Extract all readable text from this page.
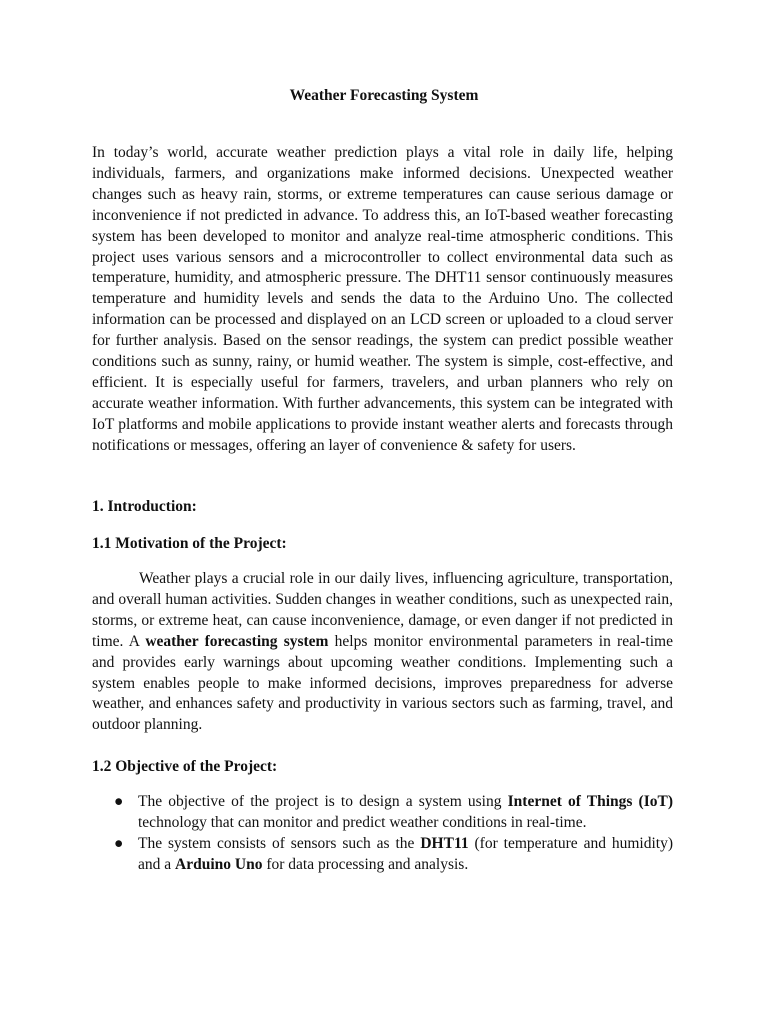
Weather Forecasting System

In today’s world, accurate weather prediction plays a vital role in daily life, helping individuals, farmers, and organizations make informed decisions. Unexpected weather changes such as heavy rain, storms, or extreme temperatures can cause serious damage or inconvenience if not predicted in advance. To address this, an IoT-based weather forecasting system has been developed to monitor and analyze real-time atmospheric conditions. This project uses various sensors and a microcontroller to collect environmental data such as temperature, humidity, and atmospheric pressure. The DHT11 sensor continuously measures temperature and humidity levels and sends the data to the Arduino Uno. The collected information can be processed and displayed on an LCD screen or uploaded to a cloud server for further analysis. Based on the sensor readings, the system can predict possible weather conditions such as sunny, rainy, or humid weather. The system is simple, cost-effective, and efficient. It is especially useful for farmers, travelers, and urban planners who rely on accurate weather information. With further advancements, this system can be integrated with IoT platforms and mobile applications to provide instant weather alerts and forecasts through notifications or messages, offering an layer of convenience & safety for users.

1. Introduction:

1.1 Motivation of the Project:

Weather plays a crucial role in our daily lives, influencing agriculture, transportation, and overall human activities. Sudden changes in weather conditions, such as unexpected rain, storms, or extreme heat, can cause inconvenience, damage, or even danger if not predicted in time. A weather forecasting system helps monitor environmental parameters in real-time and provides early warnings about upcoming weather conditions. Implementing such a system enables people to make informed decisions, improves preparedness for adverse weather, and enhances safety and productivity in various sectors such as farming, travel, and outdoor planning.

1.2 Objective of the Project:

● The objective of the project is to design a system using Internet of Things (IoT) technology that can monitor and predict weather conditions in real-time.
● The system consists of sensors such as the DHT11 (for temperature and humidity) and a Arduino Uno for data processing and analysis.
